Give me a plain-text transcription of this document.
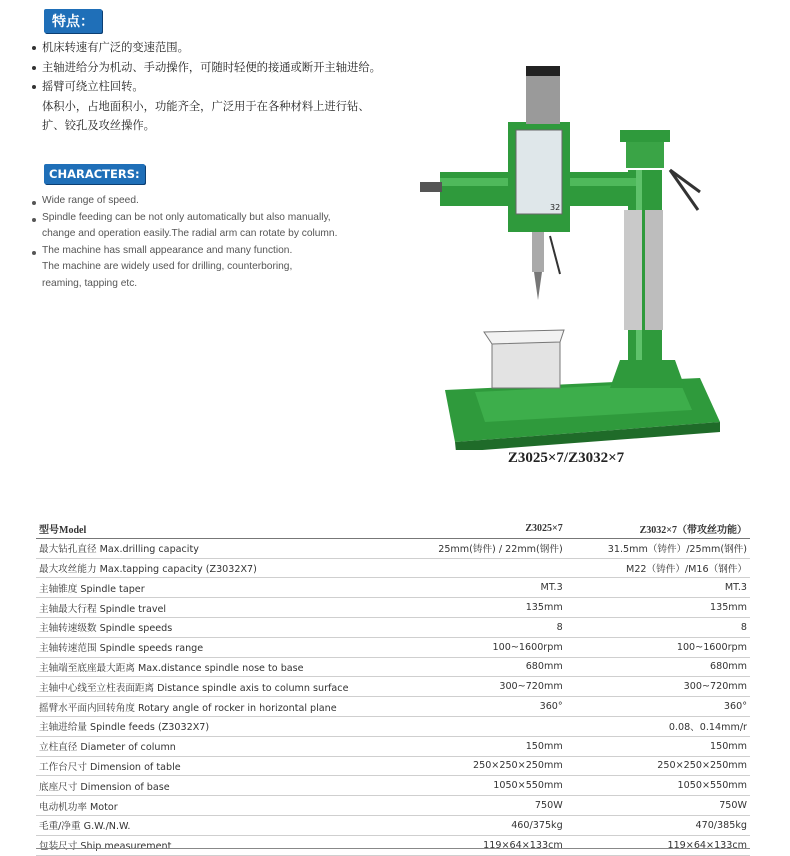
特点：
机床转速有广泛的变速范围。
主轴进给分为机动、手动操作，可随时轻便的接通或断开主轴进给。
摇臂可绕立柱回转。
体积小，占地面积小，功能齐全，广泛用于在各种材料上进行钻、
扩、铰孔及攻丝操作。
CHARACTERS:
Wide range of speed.
Spindle feeding can be not only automatically but also manually,
change and operation easily.The radial arm can rotate by column.
The machine has small appearance and many function.
The machine are widely used for drilling, counterboring,
reaming, tapping etc.
32
Z3025×7/Z3032×7
型号Model	Z3025×7	Z3032×7（带攻丝功能）
最大钻孔直径 Max.drilling capacity	25mm(铸件) / 22mm(钢件)	31.5mm（铸件）/25mm(钢件)
最大攻丝能力 Max.tapping capacity (Z3032X7)		M22（铸件）/M16（钢件）
主轴锥度 Spindle taper	MT.3	MT.3
主轴最大行程 Spindle travel	135mm	135mm
主轴转速级数 Spindle speeds	8	8
主轴转速范围 Spindle speeds range	100~1600rpm	100~1600rpm
主轴端至底座最大距离 Max.distance spindle nose to base	680mm	680mm
主轴中心线至立柱表面距离 Distance spindle axis to column surface	300~720mm	300~720mm
摇臂水平面内回转角度 Rotary angle of rocker in horizontal plane	360°	360°
主轴进给量 Spindle feeds (Z3032X7)		0.08、0.14mm/r
立柱直径 Diameter of column	150mm	150mm
工作台尺寸 Dimension of table	250×250×250mm	250×250×250mm
底座尺寸 Dimension of base	1050×550mm	1050×550mm
电动机功率 Motor	750W	750W
毛重/净重 G.W./N.W.	460/375kg	470/385kg
包装尺寸 Ship measurement	119×64×133cm	119×64×133cm
